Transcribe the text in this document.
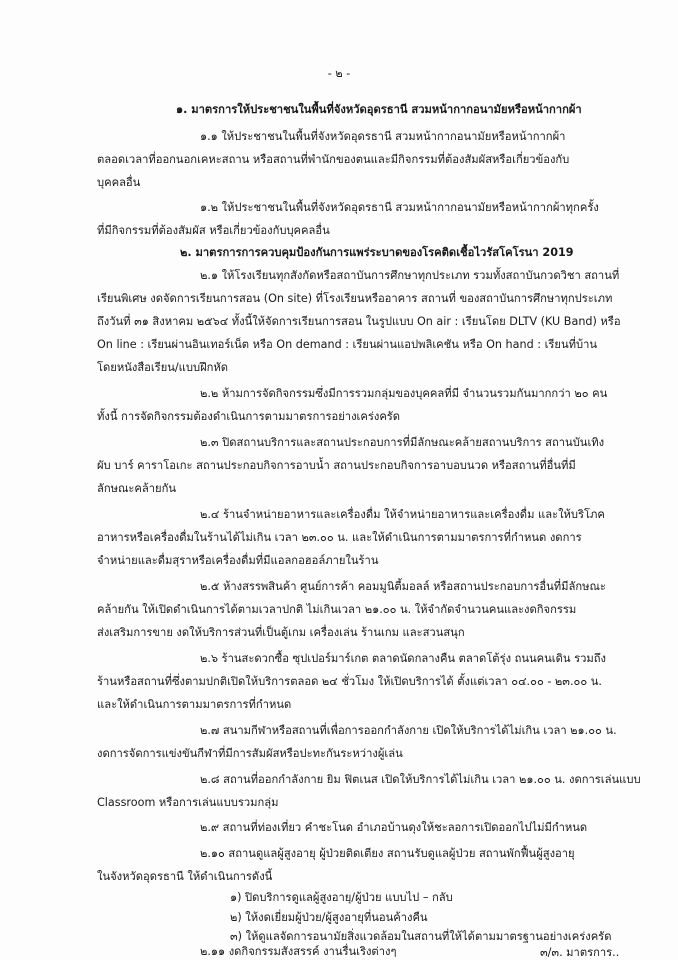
- ๒ -
๑. มาตรการให้ประชาชนในพื้นที่จังหวัดอุดรธานี สวมหน้ากากอนามัยหรือหน้ากากผ้า
๑.๑ ให้ประชาชนในพื้นที่จังหวัดอุดรธานี สวมหน้ากากอนามัยหรือหน้ากากผ้า
ตลอดเวลาที่ออกนอกเคหะสถาน หรือสถานที่พำนักของตนและมีกิจกรรมที่ต้องสัมผัสหรือเกี่ยวข้องกับ
บุคคลอื่น
๑.๒ ให้ประชาชนในพื้นที่จังหวัดอุดรธานี สวมหน้ากากอนามัยหรือหน้ากากผ้าทุกครั้ง
ที่มีกิจกรรมที่ต้องสัมผัส หรือเกี่ยวข้องกับบุคคลอื่น
๒. มาตรการการควบคุมป้องกันการแพร่ระบาดของโรคติดเชื้อไวรัสโคโรนา 2019
๒.๑ ให้โรงเรียนทุกสังกัดหรือสถาบันการศึกษาทุกประเภท รวมทั้งสถาบันกวดวิชา สถานที่
เรียนพิเศษ งดจัดการเรียนการสอน (On site) ที่โรงเรียนหรืออาคาร สถานที่ ของสถาบันการศึกษาทุกประเภท
ถึงวันที่ ๓๑ สิงหาคม ๒๕๖๔ ทั้งนี้ให้จัดการเรียนการสอน ในรูปแบบ On air : เรียนโดย DLTV (KU Band) หรือ
On line : เรียนผ่านอินเทอร์เน็ต หรือ On demand : เรียนผ่านแอปพลิเคชัน หรือ On hand : เรียนที่บ้าน
โดยหนังสือเรียน/แบบฝึกหัด
๒.๒ ห้ามการจัดกิจกรรมซึ่งมีการรวมกลุ่มของบุคคลที่มี จำนวนรวมกันมากกว่า ๒๐ คน
ทั้งนี้ การจัดกิจกรรมต้องดำเนินการตามมาตรการอย่างเคร่งครัด
๒.๓ ปิดสถานบริการและสถานประกอบการที่มีลักษณะคล้ายสถานบริการ สถานบันเทิง
ผับ บาร์ คาราโอเกะ สถานประกอบกิจการอาบน้ำ สถานประกอบกิจการอาบอบนวด หรือสถานที่อื่นที่มี
ลักษณะคล้ายกัน
๒.๔ ร้านจำหน่ายอาหารและเครื่องดื่ม ให้จำหน่ายอาหารและเครื่องดื่ม และให้บริโภค
อาหารหรือเครื่องดื่มในร้านได้ไม่เกิน เวลา ๒๓.๐๐ น. และให้ดำเนินการตามมาตรการที่กำหนด งดการ
จำหน่ายและดื่มสุราหรือเครื่องดื่มที่มีแอลกอฮอล์ภายในร้าน
๒.๕ ห้างสรรพสินค้า ศูนย์การค้า คอมมูนิตี้มอลล์ หรือสถานประกอบการอื่นที่มีลักษณะ
คล้ายกัน ให้เปิดดำเนินการได้ตามเวลาปกติ ไม่เกินเวลา ๒๑.๐๐ น. ให้จำกัดจำนวนคนและงดกิจกรรม
ส่งเสริมการขาย งดให้บริการส่วนที่เป็นตู้เกม เครื่องเล่น ร้านเกม และสวนสนุก
๒.๖ ร้านสะดวกซื้อ ซุปเปอร์มาร์เกต ตลาดนัดกลางคืน ตลาดโต้รุ่ง ถนนคนเดิน รวมถึง
ร้านหรือสถานที่ซึ่งตามปกติเปิดให้บริการตลอด ๒๔ ชั่วโมง ให้เปิดบริการได้ ตั้งแต่เวลา ๐๔.๐๐ - ๒๓.๐๐ น.
และให้ดำเนินการตามมาตรการที่กำหนด
๒.๗ สนามกีฬาหรือสถานที่เพื่อการออกกำลังกาย เปิดให้บริการได้ไม่เกิน เวลา ๒๑.๐๐ น.
งดการจัดการแข่งขันกีฬาที่มีการสัมผัสหรือปะทะกันระหว่างผู้เล่น
๒.๘ สถานที่ออกกำลังกาย ยิม ฟิตเนส เปิดให้บริการได้ไม่เกิน เวลา ๒๑.๐๐ น. งดการเล่นแบบ
Classroom หรือการเล่นแบบรวมกลุ่ม
๒.๙ สถานที่ท่องเที่ยว คำชะโนด อำเภอบ้านดุงให้ชะลอการเปิดออกไปไม่มีกำหนด
๒.๑๐ สถานดูแลผู้สูงอายุ ผู้ป่วยติดเตียง สถานรับดูแลผู้ป่วย สถานพักฟื้นผู้สูงอายุ
ในจังหวัดอุดรธานี ให้ดำเนินการดังนี้
๑) ปิดบริการดูแลผู้สูงอายุ/ผู้ป่วย แบบไป – กลับ
๒) ให้งดเยี่ยมผู้ป่วย/ผู้สูงอายุที่นอนค้างคืน
๓) ให้ดูแลจัดการอนามัยสิ่งแวดล้อมในสถานที่ให้ได้ตามมาตรฐานอย่างเคร่งครัด
๒.๑๑ งดกิจกรรมสังสรรค์ งานรื่นเริงต่างๆ	๓/๓. มาตรการ..
